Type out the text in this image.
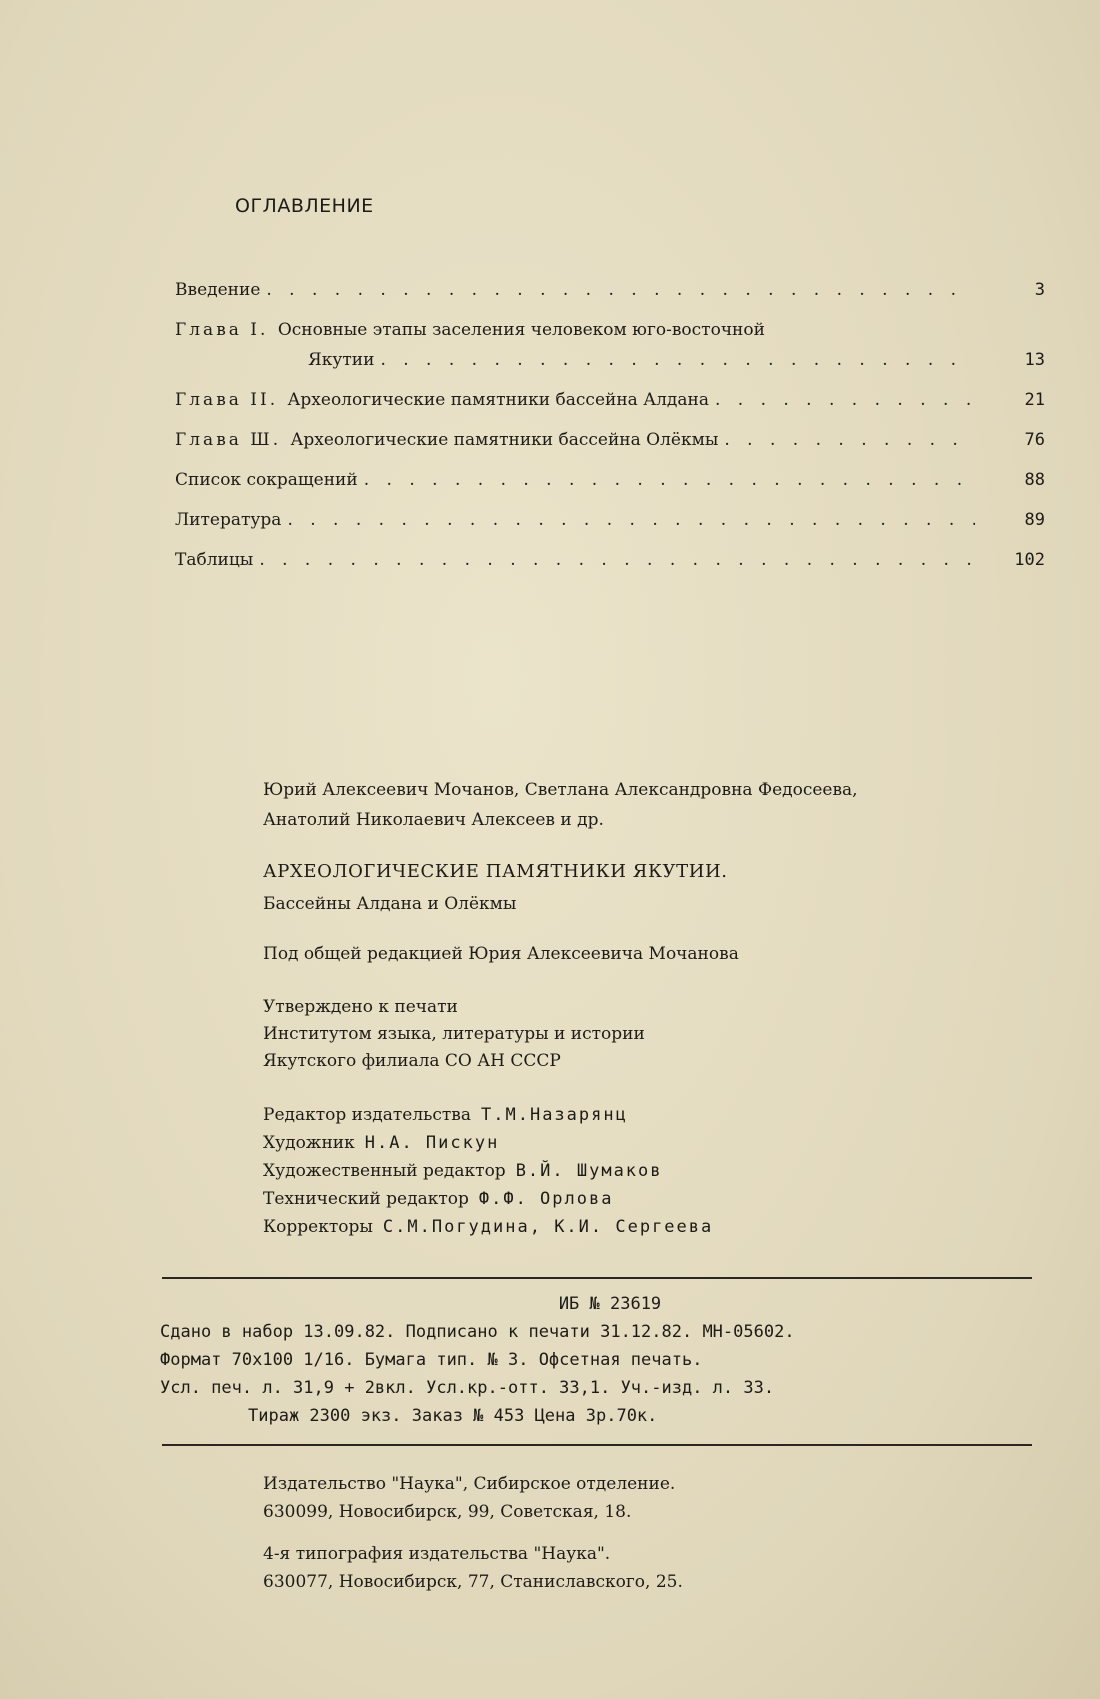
ОГЛАВЛЕНИЕ
Введение . . .	3
Глава I. Основные этапы заселения человеком юго-восточной
Якутии . . .	13
Глава II. Археологические памятники бассейна Алдана . . .	21
Глава Ш. Археологические памятники бассейна Олёкмы . . .	76
Список сокращений . . .	88
Литература . . .	89
Таблицы . . .	102
Юрий Алексеевич Мочанов, Светлана Александровна Федосеева,
Анатолий Николаевич Алексеев и др.
АРХЕОЛОГИЧЕСКИЕ ПАМЯТНИКИ ЯКУТИИ.
Бассейны Алдана и Олёкмы
Под общей редакцией Юрия Алексеевича Мочанова
Утверждено к печати
Институтом языка, литературы и истории
Якутского филиала СО АН СССР
Редактор издательства Т.М.Назарянц
Художник Н.А. Пискун
Художественный редактор В.Й. Шумаков
Технический редактор Ф.Ф. Орлова
Корректоры С.М.Погудина, К.И. Сергеева
ИБ № 23619
Сдано в набор 13.09.82. Подписано к печати 31.12.82. МН-05602.
Формат 70х100 1/16. Бумага тип. № 3. Офсетная печать.
Усл. печ. л. 31,9 + 2вкл. Усл.кр.-отт. 33,1. Уч.-изд. л. 33.
Тираж 2300 экз. Заказ № 453 Цена 3р.70к.
Издательство "Наука", Сибирское отделение.
630099, Новосибирск, 99, Советская, 18.
4-я типография издательства "Наука".
630077, Новосибирск, 77, Станиславского, 25.
